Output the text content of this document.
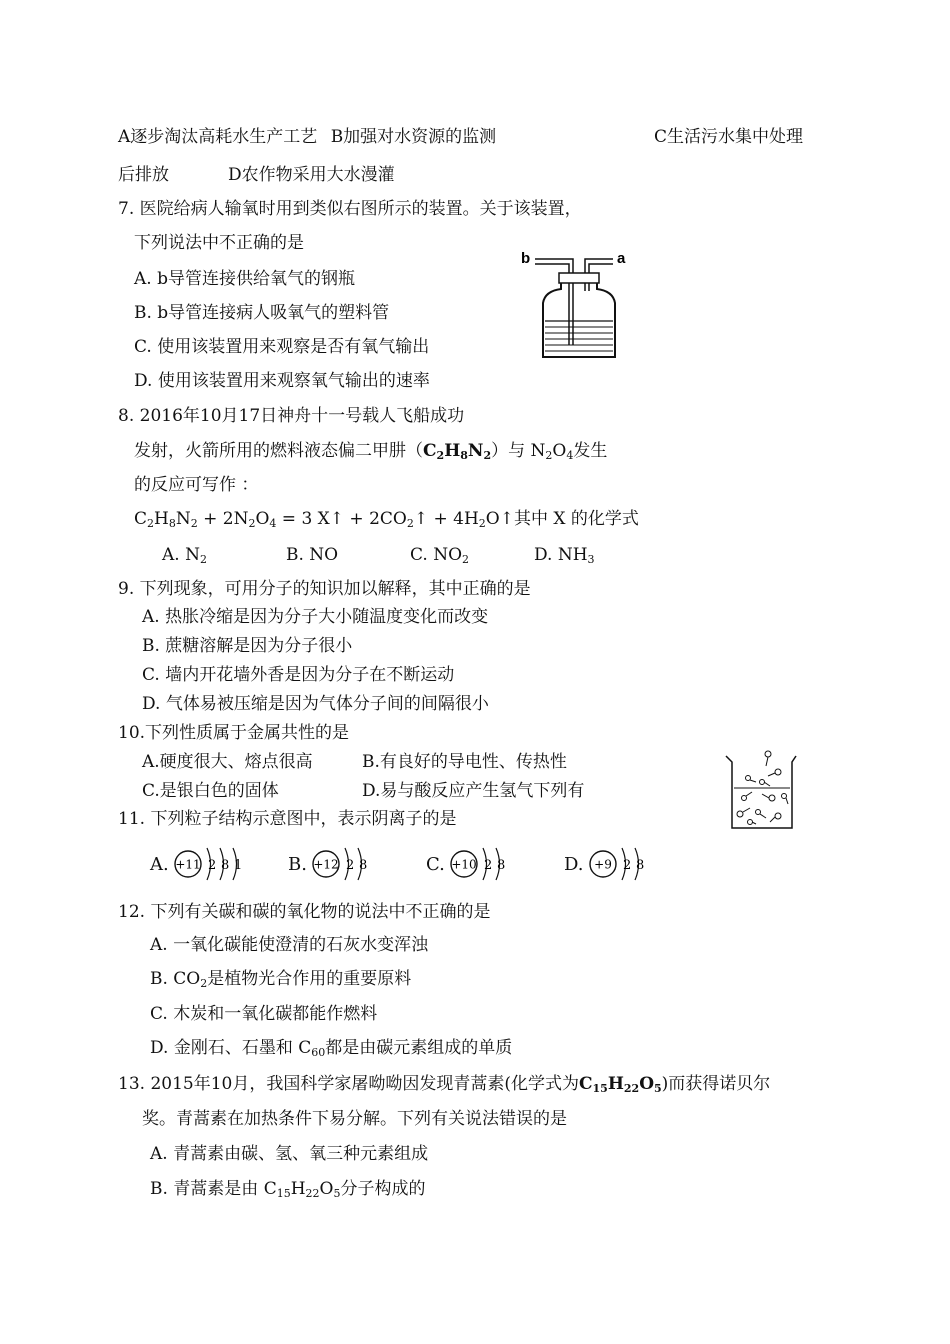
A逐步淘汰高耗水生产工艺 B加强对水资源的监测	C生活污水集中处理
后排放	D农作物采用大水漫灌
7. 医院给病人输氧时用到类似右图所示的装置。关于该装置，
下列说法中不正确的是
A. b导管连接供给氧气的钢瓶
B. b导管连接病人吸氧气的塑料管
C. 使用该装置用来观察是否有氧气输出
D. 使用该装置用来观察氧气输出的速率
b	a
8. 2016年10月17日神舟十一号载人飞船成功
发射，火箭所用的燃料液态偏二甲肼$(C_2H_8N_2)$与 $N_2O_4$发生
的反应可写作 ：
$C_2H_8N_2 + 2N_2O_4 = 3$ X↑ + $2CO_2↑$ + $4H_2O↑$其中 X 的化学式
A. $N_2$	B. NO	C. $NO_2$	D. $NH_3$
9. 下列现象，可用分子的知识加以解释，其中正确的是
A. 热胀冷缩是因为分子大小随温度变化而改变
B. 蔗糖溶解是因为分子很小
C. 墙内开花墙外香是因为分子在不断运动
D. 气体易被压缩是因为气体分子间的间隔很小
10.下列性质属于金属共性的是
A.硬度很大、熔点很高	B.有良好的导电性、传热性
C.是银白色的固体	D.易与酸反应产生氢气下列有
11. 下列粒子结构示意图中，表示阴离子的是
A. +11 2 8 1	B. +12 2 8	C. +10 2 8	D. +9 2 8
12. 下列有关碳和碳的氧化物的说法中不正确的是
A. 一氧化碳能使澄清的石灰水变浑浊
B. $CO_2$是植物光合作用的重要原料
C. 木炭和一氧化碳都能作燃料
D. 金刚石、石墨和 $C_{60}$都是由碳元素组成的单质
13. 2015年10月，我国科学家屠呦呦因发现青蒿素(化学式为$C_{15}H_{22}O_5$)而获得诺贝尔
奖。青蒿素在加热条件下易分解。下列有关说法错误的是
A. 青蒿素由碳、氢、氧三种元素组成
B. 青蒿素是由 $C_{15}H_{22}O_5$分子构成的
